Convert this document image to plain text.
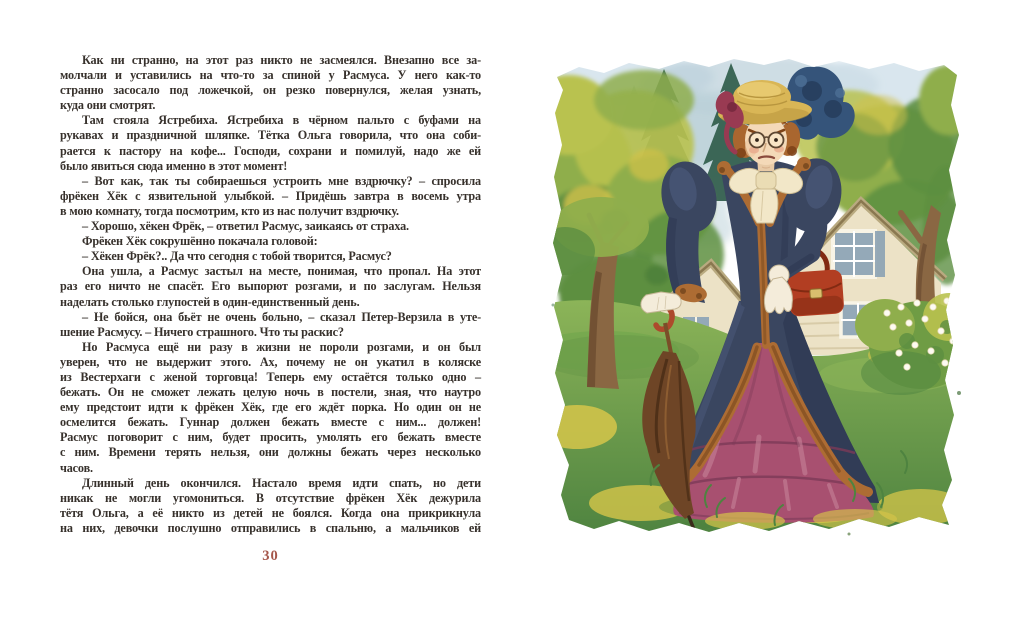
Как ни странно, на этот раз никто не засмеялся. Внезапно все за-
молчали и уставились на что-то за спиной у Расмуса. У него как-то
странно засосало под ложечкой, он резко повернулся, желая узнать,
куда они смотрят.

Там стояла Ястребиха. Ястребиха в чёрном пальто с буфами на
рукавах и праздничной шляпке. Тётка Ольга говорила, что она соби-
рается к пастору на кофе... Господи, сохрани и помилуй, надо же ей
было явиться сюда именно в этот момент!

– Вот как, так ты собираешься устроить мне вздрючку? – спросила
фрёкен Хёк с язвительной улыбкой. – Придёшь завтра в восемь утра
в мою комнату, тогда посмотрим, кто из нас получит вздрючку.

– Хорошо, хёкен Фрёк, – ответил Расмус, заикаясь от страха.

Фрёкен Хёк сокрушённо покачала головой:

– Хёкен Фрёк?.. Да что сегодня с тобой творится, Расмус?

Она ушла, а Расмус застыл на месте, понимая, что пропал. На этот
раз его ничто не спасёт. Его выпорют розгами, и по заслугам. Нельзя
наделать столько глупостей в один-единственный день.

– Не бойся, она бьёт не очень больно, – сказал Петер-Верзила в уте-
шение Расмусу. – Ничего страшного. Что ты раскис?

Но Расмуса ещё ни разу в жизни не пороли розгами, и он был
уверен, что не выдержит этого. Ах, почему не он укатил в коляске
из Вестерхаги с женой торговца! Теперь ему остаётся только одно –
бежать. Он не сможет лежать целую ночь в постели, зная, что наутро
ему предстоит идти к фрёкен Хёк, где его ждёт порка. Но один он не
осмелится бежать. Гуннар должен бежать вместе с ним... должен!
Расмус поговорит с ним, будет просить, умолять его бежать вместе
с ним. Времени терять нельзя, они должны бежать через несколько
часов.

Длинный день окончился. Настало время идти спать, но дети
никак не могли угомониться. В отсутствие фрёкен Хёк дежурила
тётя Ольга, а её никто из детей не боялся. Когда она прикрикнула
на них, девочки послушно отправились в спальню, а мальчиков ей

30
